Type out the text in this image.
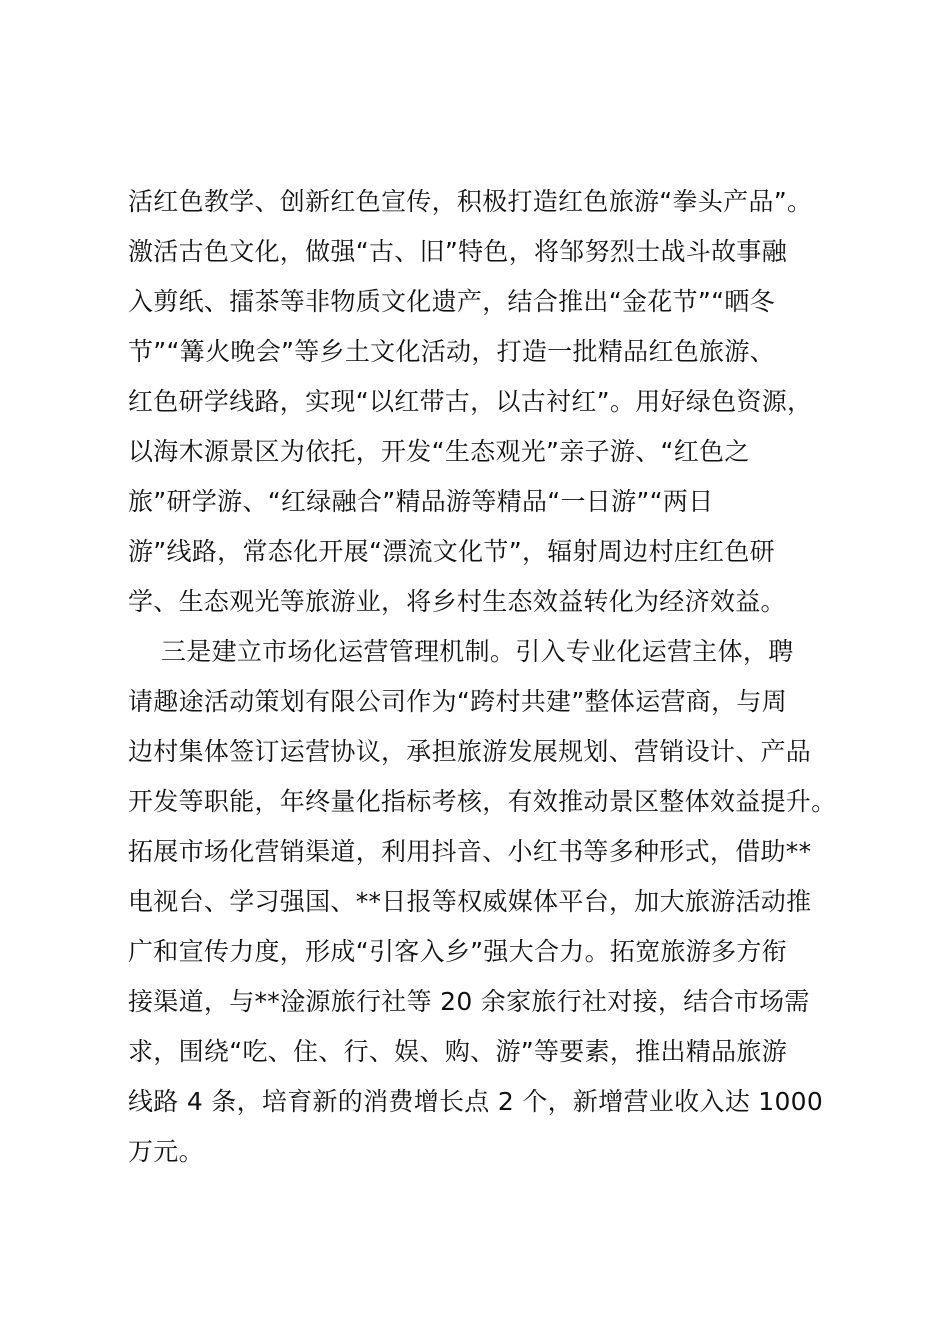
活红色教学、创新红色宣传，积极打造红色旅游“拳头产品”。
激活古色文化，做强“古、旧”特色，将邹努烈士战斗故事融
入剪纸、擂茶等非物质文化遗产，结合推出“金花节”“晒冬
节”“篝火晚会”等乡土文化活动，打造一批精品红色旅游、
红色研学线路，实现“以红带古，以古衬红”。用好绿色资源，
以海木源景区为依托，开发“生态观光”亲子游、“红色之
旅”研学游、“红绿融合”精品游等精品“一日游”“两日
游”线路，常态化开展“漂流文化节”，辐射周边村庄红色研
学、生态观光等旅游业，将乡村生态效益转化为经济效益。
三是建立市场化运营管理机制。引入专业化运营主体，聘
请趣途活动策划有限公司作为“跨村共建”整体运营商，与周
边村集体签订运营协议，承担旅游发展规划、营销设计、产品
开发等职能，年终量化指标考核，有效推动景区整体效益提升。
拓展市场化营销渠道，利用抖音、小红书等多种形式，借助**
电视台、学习强国、**日报等权威媒体平台，加大旅游活动推
广和宣传力度，形成“引客入乡”强大合力。拓宽旅游多方衔
接渠道，与**淦源旅行社等 20 余家旅行社对接，结合市场需
求，围绕“吃、住、行、娱、购、游”等要素，推出精品旅游
线路 4 条，培育新的消费增长点 2 个，新增营业收入达 1000
万元。
